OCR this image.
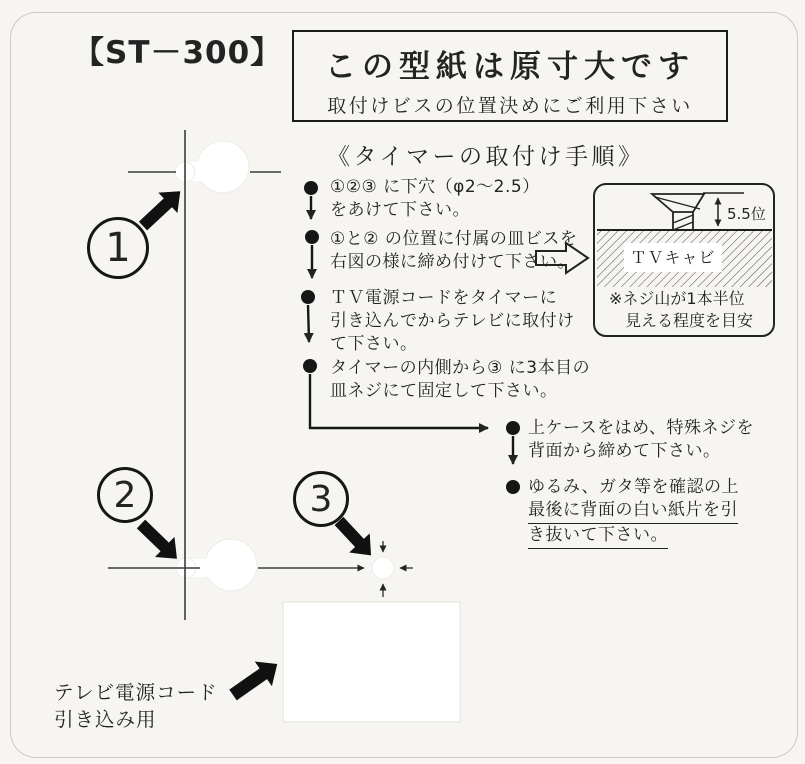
【ST－300】	この型紙は原寸大です
取付けビスの位置決めにご利用下さい
《タイマーの取付け手順》
①②③ に下穴（φ2～2.5）
をあけて下さい。
①と② の位置に付属の皿ビスを
右図の様に締め付けて下さい。
ＴＶ電源コードをタイマーに
引き込んでからテレビに取付け
て下さい。
タイマーの内側から③ に3本目の
皿ネジにて固定して下さい。
上ケースをはめ、特殊ネジを
背面から締めて下さい。
ゆるみ、ガタ等を確認の上
最後に背面の白い紙片を引
き抜いて下さい。
1
2	3
5.5位
ＴＶキャビ
※ネジ山が1本半位
見える程度を目安
テレビ電源コード
引き込み用
